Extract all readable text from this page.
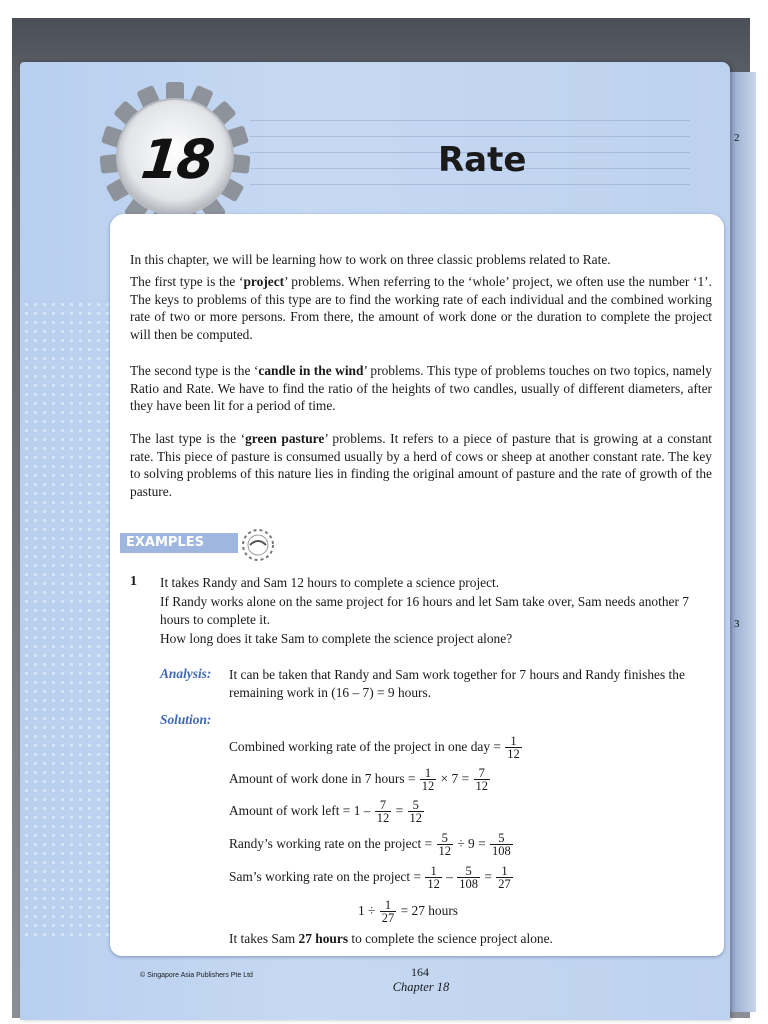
2
3
18	Rate
In this chapter, we will be learning how to work on three classic problems related to Rate.
The first type is the ‘project’ problems. When referring to the ‘whole’ project, we often use the number ‘1’. The keys to problems of this type are to find the working rate of each individual and the combined working rate of two or more persons. From there, the amount of work done or the duration to complete the project will then be computed.
The second type is the ‘candle in the wind’ problems. This type of problems touches on two topics, namely Ratio and Rate. We have to find the ratio of the heights of two candles, usually of different diameters, after they have been lit for a period of time.
The last type is the ‘green pasture’ problems. It refers to a piece of pasture that is growing at a constant rate. This piece of pasture is consumed usually by a herd of cows or sheep at another constant rate. The key to solving problems of this nature lies in finding the original amount of pasture and the rate of growth of the pasture.
EXAMPLES
1 It takes Randy and Sam 12 hours to complete a science project.
If Randy works alone on the same project for 16 hours and let Sam take over, Sam needs another 7 hours to complete it.
How long does it take Sam to complete the science project alone?
Analysis: It can be taken that Randy and Sam work together for 7 hours and Randy finishes the remaining work in (16 – 7) = 9 hours.
Solution:
Combined working rate of the project in one day = $\frac{1}{12}$
Amount of work done in 7 hours = $\frac{1}{12} \times 7 = \frac{7}{12}$
Amount of work left = $1 - \frac{7}{12} = \frac{5}{12}$
Randy’s working rate on the project = $\frac{5}{12} \div 9 = \frac{5}{108}$
Sam’s working rate on the project = $\frac{1}{12} - \frac{5}{108} = \frac{1}{27}$
$1 \div \frac{1}{27} = 27$ hours
It takes Sam 27 hours to complete the science project alone.
© Singapore Asia Publishers Pte Ltd	164
Chapter 18
